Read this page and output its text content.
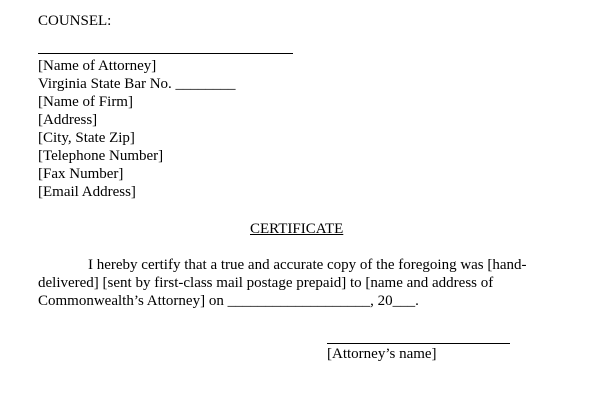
COUNSEL:
[Name of Attorney]
Virginia State Bar No. ________
[Name of Firm]
[Address]
[City, State Zip]
[Telephone Number]
[Fax Number]
[Email Address]
CERTIFICATE
I hereby certify that a true and accurate copy of the foregoing was [hand-
delivered] [sent by first-class mail postage prepaid] to [name and address of
Commonwealth’s Attorney] on ___________________, 20___.
[Attorney’s name]
